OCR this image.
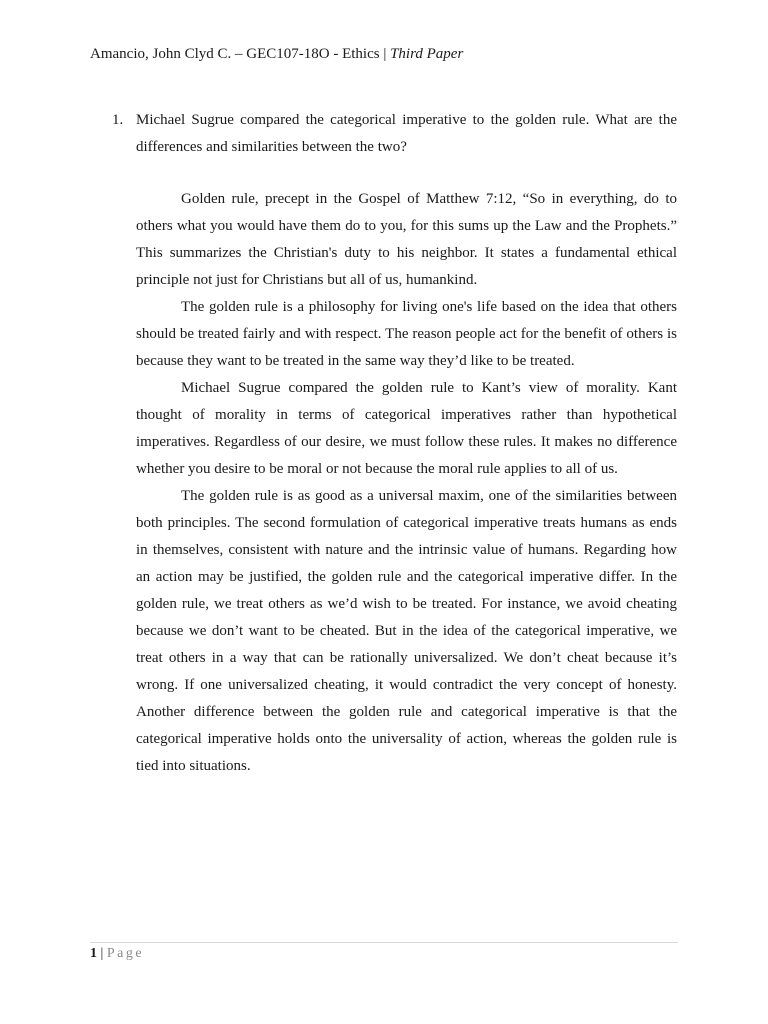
Amancio, John Clyd C. – GEC107-18O - Ethics | Third Paper
1. Michael Sugrue compared the categorical imperative to the golden rule. What are the differences and similarities between the two?

Golden rule, precept in the Gospel of Matthew 7:12, “So in everything, do to others what you would have them do to you, for this sums up the Law and the Prophets.” This summarizes the Christian's duty to his neighbor. It states a fundamental ethical principle not just for Christians but all of us, humankind.

The golden rule is a philosophy for living one's life based on the idea that others should be treated fairly and with respect. The reason people act for the benefit of others is because they want to be treated in the same way they’d like to be treated.

Michael Sugrue compared the golden rule to Kant’s view of morality. Kant thought of morality in terms of categorical imperatives rather than hypothetical imperatives. Regardless of our desire, we must follow these rules. It makes no difference whether you desire to be moral or not because the moral rule applies to all of us.

The golden rule is as good as a universal maxim, one of the similarities between both principles. The second formulation of categorical imperative treats humans as ends in themselves, consistent with nature and the intrinsic value of humans. Regarding how an action may be justified, the golden rule and the categorical imperative differ. In the golden rule, we treat others as we’d wish to be treated. For instance, we avoid cheating because we don’t want to be cheated. But in the idea of the categorical imperative, we treat others in a way that can be rationally universalized. We don’t cheat because it’s wrong. If one universalized cheating, it would contradict the very concept of honesty. Another difference between the golden rule and categorical imperative is that the categorical imperative holds onto the universality of action, whereas the golden rule is tied into situations.

1 | Page
